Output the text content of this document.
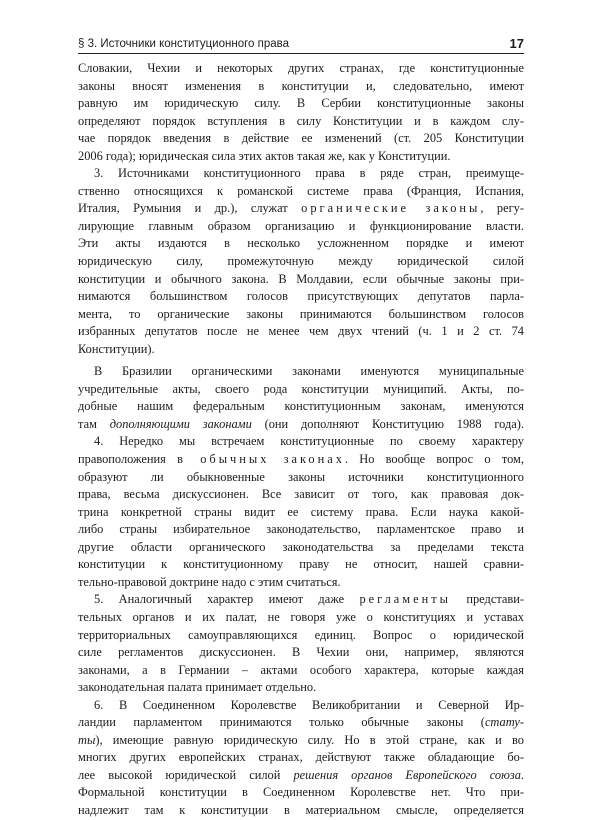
§ 3. Источники конституционного права	17
Словакии, Чехии и некоторых других странах, где конституционные
законы вносят изменения в конституции и, следовательно, имеют
равную им юридическую силу. В Сербии конституционные законы
определяют порядок вступления в силу Конституции и в каждом слу-
чае порядок введения в действие ее изменений (ст. 205 Конституции
2006 года); юридическая сила этих актов такая же, как у Конституции.
3. Источниками конституционного права в ряде стран, преимуще-
ственно относящихся к романской системе права (Франция, Испания,
Италия, Румыния и др.), служат органические законы, регу-
лирующие главным образом организацию и функционирование власти.
Эти акты издаются в несколько усложненном порядке и имеют
юридическую силу, промежуточную между юридической силой
конституции и обычного закона. В Молдавии, если обычные законы при-
нимаются большинством голосов присутствующих депутатов парла-
мента, то органические законы принимаются большинством голосов
избранных депутатов после не менее чем двух чтений (ч. 1 и 2 ст. 74
Конституции).
В Бразилии органическими законами именуются муниципальные
учредительные акты, своего рода конституции муниципий. Акты, по-
добные нашим федеральным конституционным законам, именуются
там дополняющими законами (они дополняют Конституцию 1988 года).
4. Нередко мы встречаем конституционные по своему характеру
правоположения в обычных законах. Но вообще вопрос о том,
образуют ли обыкновенные законы источники конституционного
права, весьма дискуссионен. Все зависит от того, как правовая док-
трина конкретной страны видит ее систему права. Если наука какой-
либо страны избирательное законодательство, парламентское право и
другие области органического законодательства за пределами текста
конституции к конституционному праву не относит, нашей сравни-
тельно-правовой доктрине надо с этим считаться.
5. Аналогичный характер имеют даже регламенты представи-
тельных органов и их палат, не говоря уже о конституциях и уставах
территориальных самоуправляющихся единиц. Вопрос о юридической
силе регламентов дискуссионен. В Чехии они, например, являются
законами, а в Германии – актами особого характера, которые каждая
законодательная палата принимает отдельно.
6. В Соединенном Королевстве Великобритании и Северной Ир-
ландии парламентом принимаются только обычные законы (стату-
ты), имеющие равную юридическую силу. Но в этой стране, как и во
многих других европейских странах, действуют также обладающие бо-
лее высокой юридической силой решения органов Европейского союза.
Формальной конституции в Соединенном Королевстве нет. Что при-
надлежит там к конституции в материальном смысле, определяется
